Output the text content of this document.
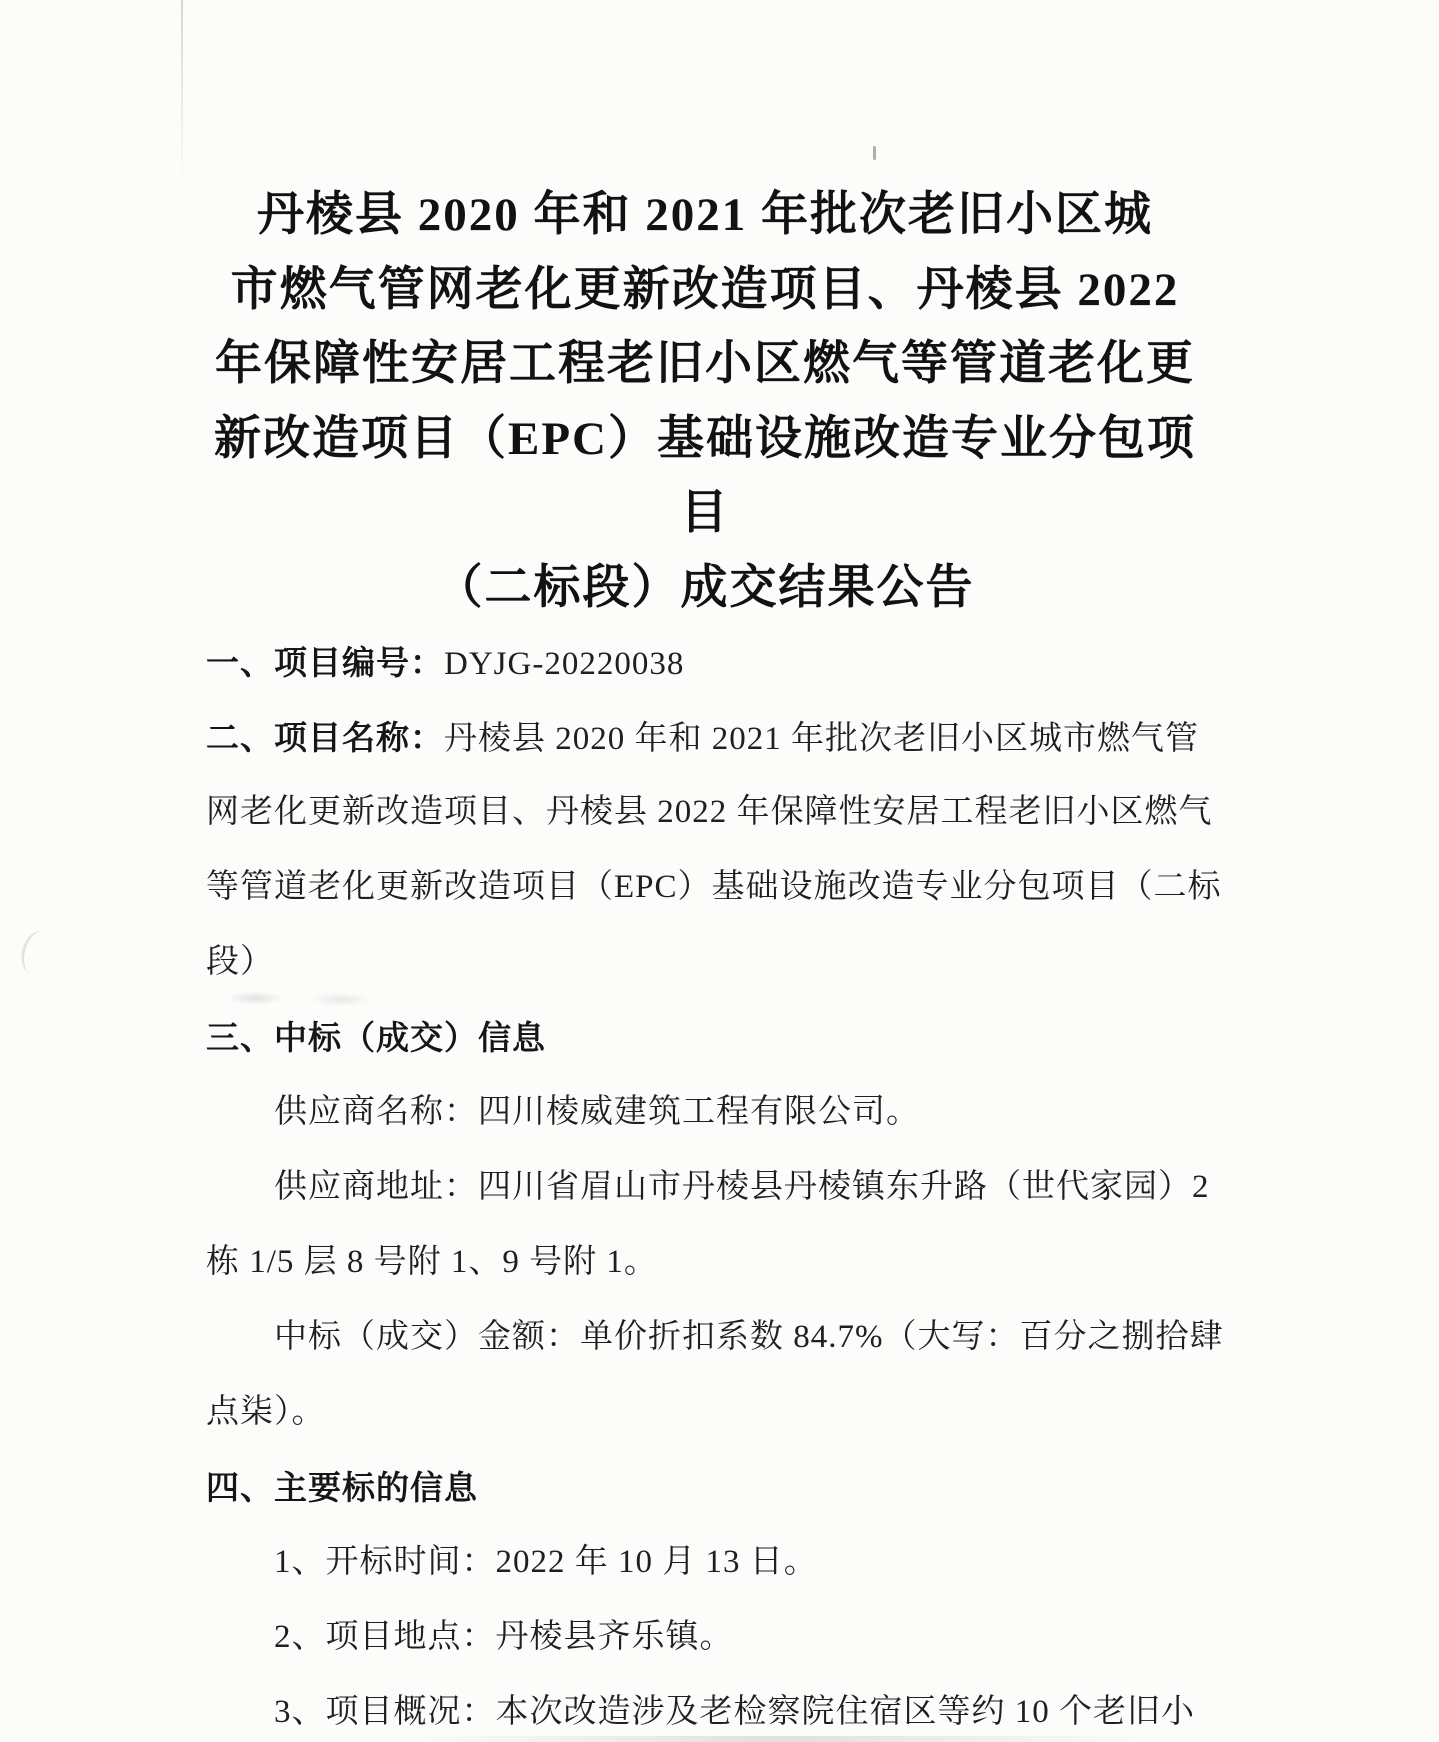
丹棱县 2020 年和 2021 年批次老旧小区城
市燃气管网老化更新改造项目、丹棱县 2022
年保障性安居工程老旧小区燃气等管道老化更
新改造项目（EPC）基础设施改造专业分包项目
（二标段）成交结果公告
一、项目编号：DYJG-20220038
二、项目名称：丹棱县 2020 年和 2021 年批次老旧小区城市燃气管
网老化更新改造项目、丹棱县 2022 年保障性安居工程老旧小区燃气
等管道老化更新改造项目（EPC）基础设施改造专业分包项目（二标
段）
三、中标（成交）信息
供应商名称：四川棱威建筑工程有限公司。
供应商地址：四川省眉山市丹棱县丹棱镇东升路（世代家园）2
栋 1/5 层 8 号附 1、9 号附 1。
中标（成交）金额：单价折扣系数 84.7%（大写：百分之捌拾肆
点柒）。
四、主要标的信息
1、开标时间：2022 年 10 月 13 日。
2、项目地点：丹棱县齐乐镇。
3、项目概况：本次改造涉及老检察院住宿区等约 10 个老旧小
